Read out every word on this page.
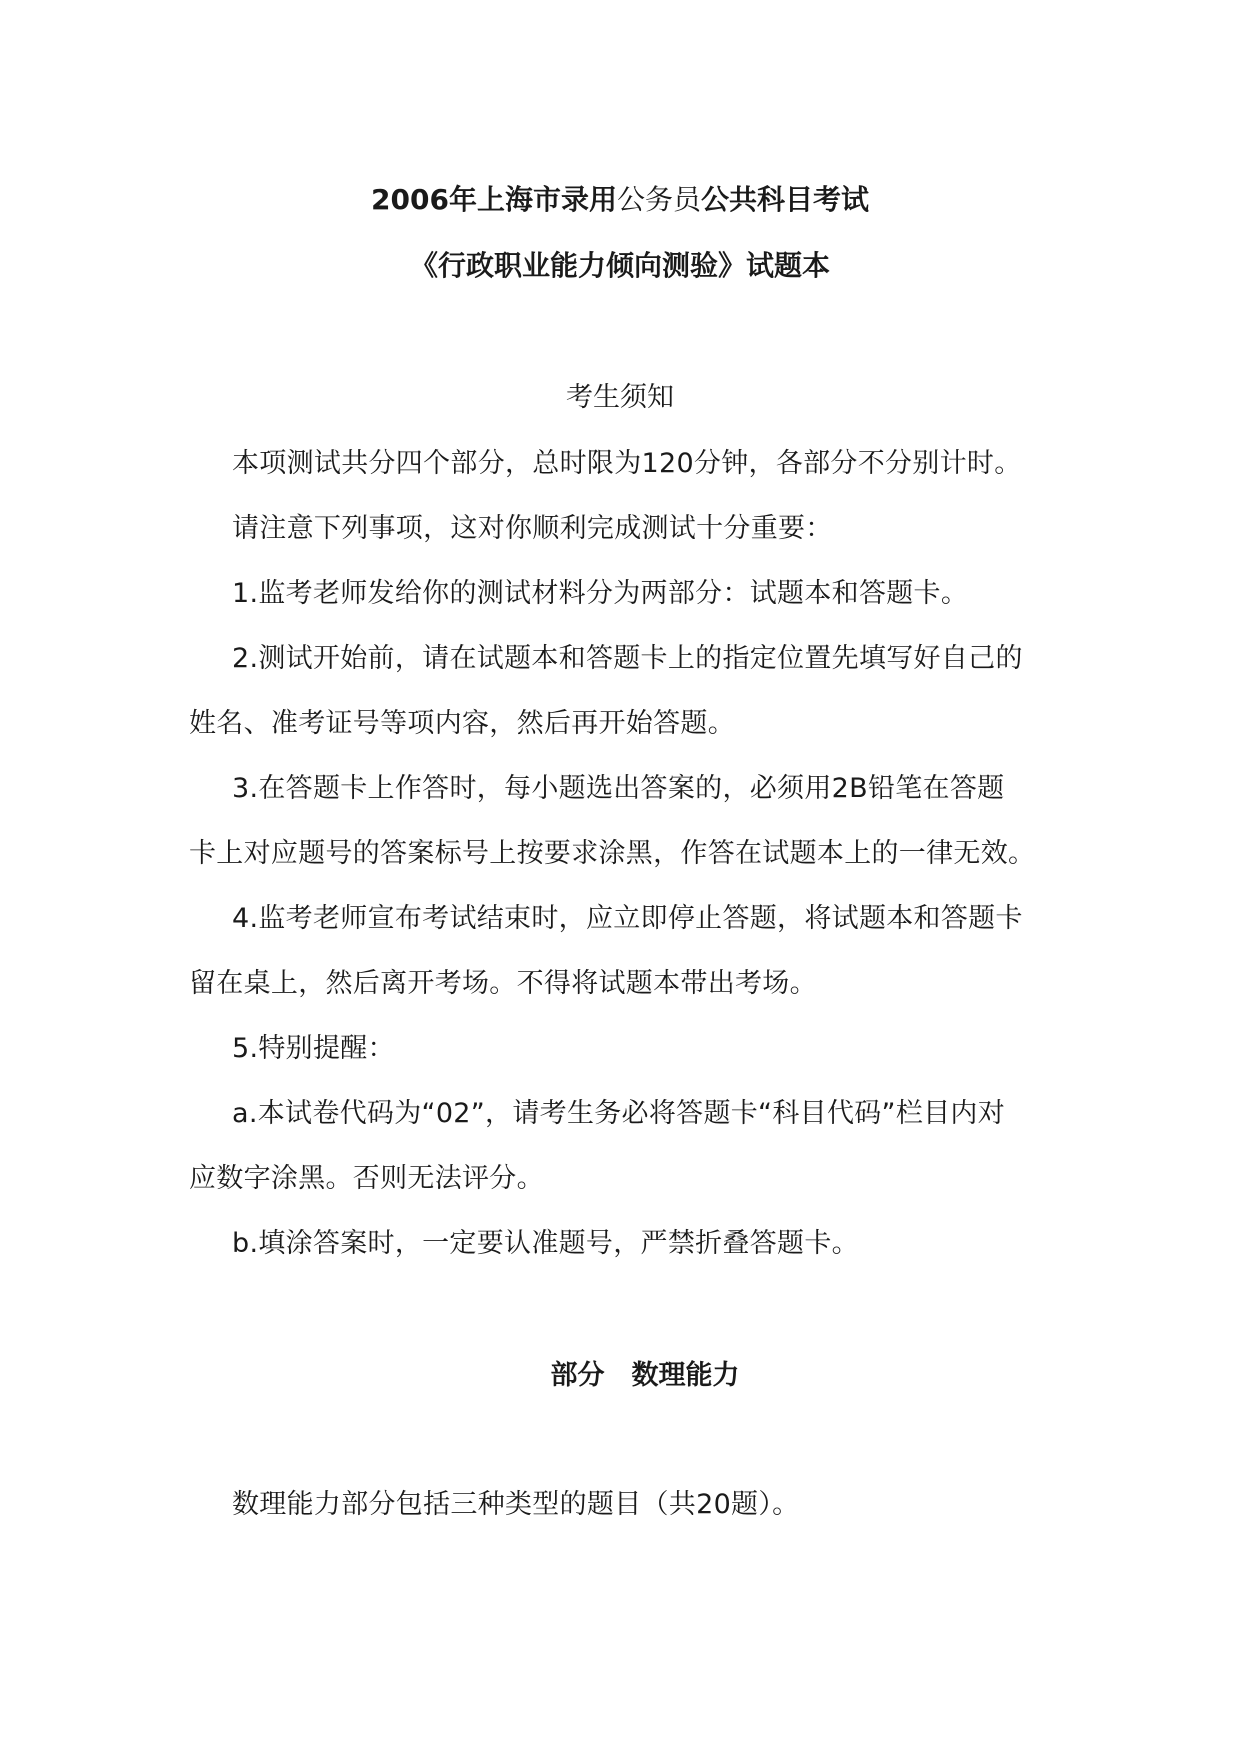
2006年上海市录用公务员公共科目考试
《行政职业能力倾向测验》试题本
考生须知
本项测试共分四个部分，总时限为120分钟，各部分不分别计时。
请注意下列事项，这对你顺利完成测试十分重要：
1.监考老师发给你的测试材料分为两部分：试题本和答题卡。
2.测试开始前，请在试题本和答题卡上的指定位置先填写好自己的
姓名、准考证号等项内容，然后再开始答题。
3.在答题卡上作答时，每小题选出答案的，必须用2B铅笔在答题
卡上对应题号的答案标号上按要求涂黑，作答在试题本上的一律无效。
4.监考老师宣布考试结束时，应立即停止答题，将试题本和答题卡
留在桌上，然后离开考场。不得将试题本带出考场。
5.特别提醒：
a.本试卷代码为“02”，请考生务必将答题卡“科目代码”栏目内对
应数字涂黑。否则无法评分。
b.填涂答案时，一定要认准题号，严禁折叠答题卡。
部分　数理能力
数理能力部分包括三种类型的题目（共20题）。
